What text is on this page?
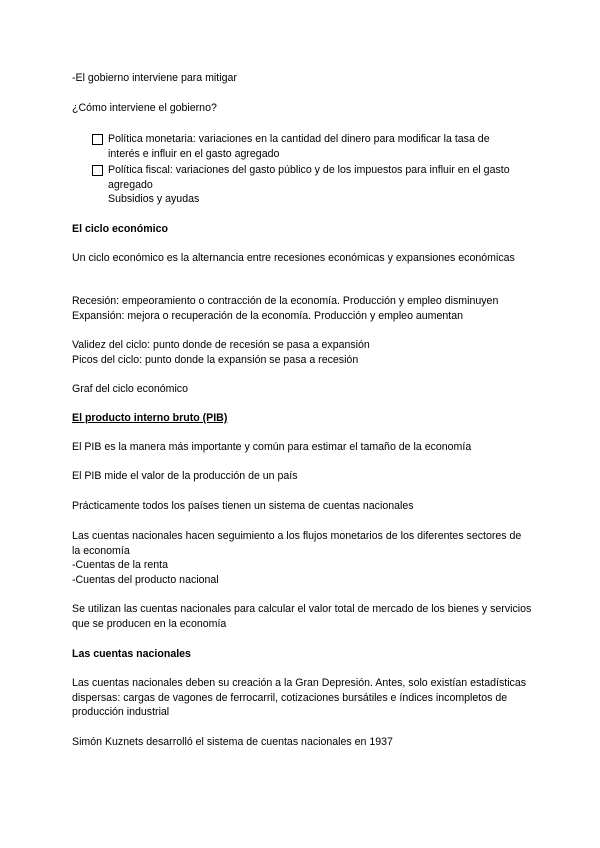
-El gobierno interviene para mitigar

¿Cómo interviene el gobierno?

Política monetaria: variaciones en la cantidad del dinero para modificar la tasa de interés e influir en el gasto agregado
Política fiscal: variaciones del gasto público y de los impuestos para influir en el gasto agregado
Subsidios y ayudas

El ciclo económico

Un ciclo económico es la alternancia entre recesiones económicas y expansiones económicas

Recesión: empeoramiento o contracción de la economía. Producción y empleo disminuyen

Expansión: mejora o recuperación de la economía. Producción y empleo aumentan

Validez del ciclo: punto donde de recesión se pasa a expansión

Picos del ciclo: punto donde la expansión se pasa a recesión

Graf del ciclo económico

El producto interno bruto (PIB)

El PIB es la manera más importante y común para estimar el tamaño de la economía

El PIB mide el valor de la producción de un país

Prácticamente todos los países tienen un sistema de cuentas nacionales

Las cuentas nacionales hacen seguimiento a los flujos monetarios de los diferentes sectores de la economía
-Cuentas de la renta
-Cuentas del producto nacional

Se utilizan las cuentas nacionales para calcular el valor total de mercado de los bienes y servicios que se producen en la economía

Las cuentas nacionales

Las cuentas nacionales deben su creación a la Gran Depresión. Antes, solo existían estadísticas dispersas: cargas de vagones de ferrocarril, cotizaciones bursátiles e índices incompletos de producción industrial

Simón Kuznets desarrolló el sistema de cuentas nacionales en 1937
